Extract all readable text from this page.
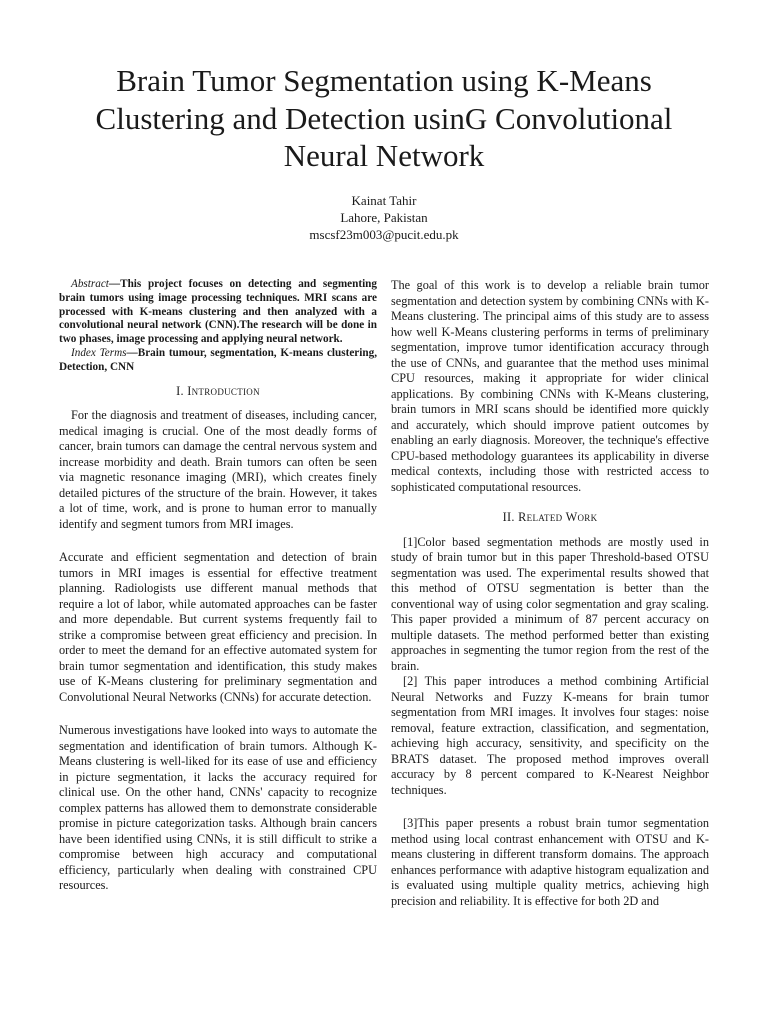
Brain Tumor Segmentation using K-Means Clustering and Detection usinG Convolutional Neural Network
Kainat Tahir
Lahore, Pakistan
mscsf23m003@pucit.edu.pk

Abstract—This project focuses on detecting and segmenting brain tumors using image processing techniques. MRI scans are processed with K-means clustering and then analyzed with a convolutional neural network (CNN).The research will be done in two phases, image processing and applying neural network.

Index Terms—Brain tumour, segmentation, K-means clustering, Detection, CNN

I. Introduction

For the diagnosis and treatment of diseases, including cancer, medical imaging is crucial. One of the most deadly forms of cancer, brain tumors can damage the central nervous system and increase morbidity and death. Brain tumors can often be seen via magnetic resonance imaging (MRI), which creates finely detailed pictures of the structure of the brain. However, it takes a lot of time, work, and is prone to human error to manually identify and segment tumors from MRI images.

Accurate and efficient segmentation and detection of brain tumors in MRI images is essential for effective treatment planning. Radiologists use different manual methods that require a lot of labor, while automated approaches can be faster and more dependable. But current systems frequently fail to strike a compromise between great efficiency and precision. In order to meet the demand for an effective automated system for brain tumor segmentation and identification, this study makes use of K-Means clustering for preliminary segmentation and Convolutional Neural Networks (CNNs) for accurate detection.

Numerous investigations have looked into ways to automate the segmentation and identification of brain tumors. Although K-Means clustering is well-liked for its ease of use and efficiency in picture segmentation, it lacks the accuracy required for clinical use. On the other hand, CNNs' capacity to recognize complex patterns has allowed them to demonstrate considerable promise in picture categorization tasks. Although brain cancers have been identified using CNNs, it is still difficult to strike a compromise between high accuracy and computational efficiency, particularly when dealing with constrained CPU resources.

The goal of this work is to develop a reliable brain tumor segmentation and detection system by combining CNNs with K-Means clustering. The principal aims of this study are to assess how well K-Means clustering performs in terms of preliminary segmentation, improve tumor identification accuracy through the use of CNNs, and guarantee that the method uses minimal CPU resources, making it appropriate for wider clinical applications. By combining CNNs with K-Means clustering, brain tumors in MRI scans should be identified more quickly and accurately, which should improve patient outcomes by enabling an early diagnosis. Moreover, the technique's effective CPU-based methodology guarantees its applicability in diverse medical contexts, including those with restricted access to sophisticated computational resources.

II. Related Work

[1]Color based segmentation methods are mostly used in study of brain tumor but in this paper Threshold-based OTSU segmentation was used. The experimental results showed that this method of OTSU segmentation is better than the conventional way of using color segmentation and gray scaling. This paper provided a minimum of 87 percent accuracy on multiple datasets. The method performed better than existing approaches in segmenting the tumor region from the rest of the brain.

[2] This paper introduces a method combining Artificial Neural Networks and Fuzzy K-means for brain tumor segmentation from MRI images. It involves four stages: noise removal, feature extraction, classification, and segmentation, achieving high accuracy, sensitivity, and specificity on the BRATS dataset. The proposed method improves overall accuracy by 8 percent compared to K-Nearest Neighbor techniques.

[3]This paper presents a robust brain tumor segmentation method using local contrast enhancement with OTSU and K-means clustering in different transform domains. The approach enhances performance with adaptive histogram equalization and is evaluated using multiple quality metrics, achieving high precision and reliability. It is effective for both 2D and
